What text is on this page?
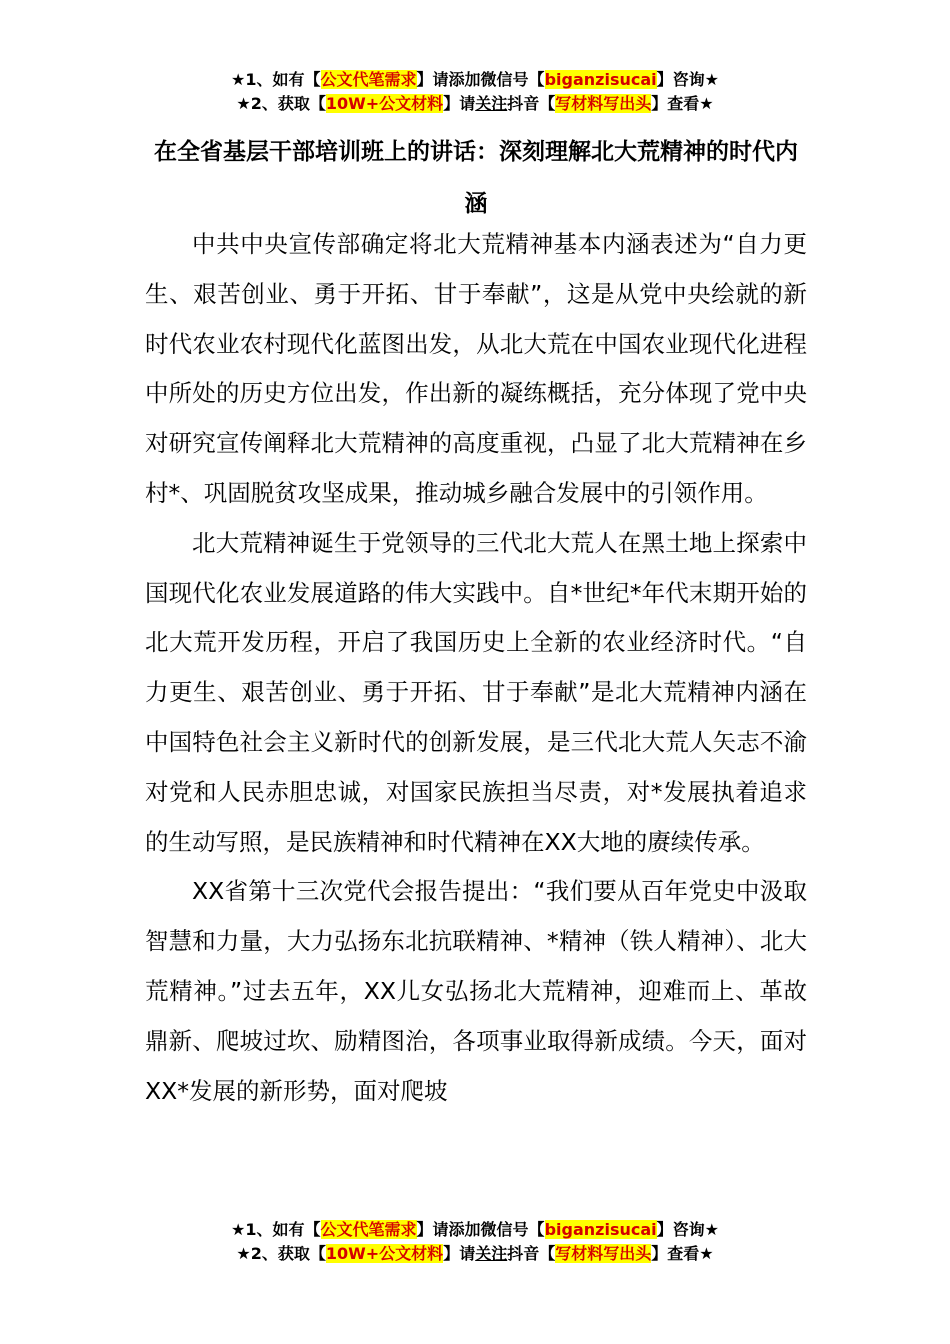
★1、如有【公文代笔需求】请添加微信号【biganzisucai】咨询★
★2、获取【10W+公文材料】请关注抖音【写材料写出头】查看★
在全省基层干部培训班上的讲话：深刻理解北大荒精神的时代内涵

中共中央宣传部确定将北大荒精神基本内涵表述为“自力更生、艰苦创业、勇于开拓、甘于奉献”，这是从党中央绘就的新时代农业农村现代化蓝图出发，从北大荒在中国农业现代化进程中所处的历史方位出发，作出新的凝练概括，充分体现了党中央对研究宣传阐释北大荒精神的高度重视，凸显了北大荒精神在乡村*、巩固脱贫攻坚成果，推动城乡融合发展中的引领作用。

北大荒精神诞生于党领导的三代北大荒人在黑土地上探索中国现代化农业发展道路的伟大实践中。自*世纪*年代末期开始的北大荒开发历程，开启了我国历史上全新的农业经济时代。“自力更生、艰苦创业、勇于开拓、甘于奉献”是北大荒精神内涵在中国特色社会主义新时代的创新发展，是三代北大荒人矢志不渝对党和人民赤胆忠诚，对国家民族担当尽责，对*发展执着追求的生动写照，是民族精神和时代精神在XX大地的赓续传承。

XX省第十三次党代会报告提出：“我们要从百年党史中汲取智慧和力量，大力弘扬东北抗联精神、*精神（铁人精神）、北大荒精神。”过去五年，XX儿女弘扬北大荒精神，迎难而上、革故鼎新、爬坡过坎、励精图治，各项事业取得新成绩。今天，面对XX*发展的新形势，面对爬坡

★1、如有【公文代笔需求】请添加微信号【biganzisucai】咨询★
★2、获取【10W+公文材料】请关注抖音【写材料写出头】查看★
